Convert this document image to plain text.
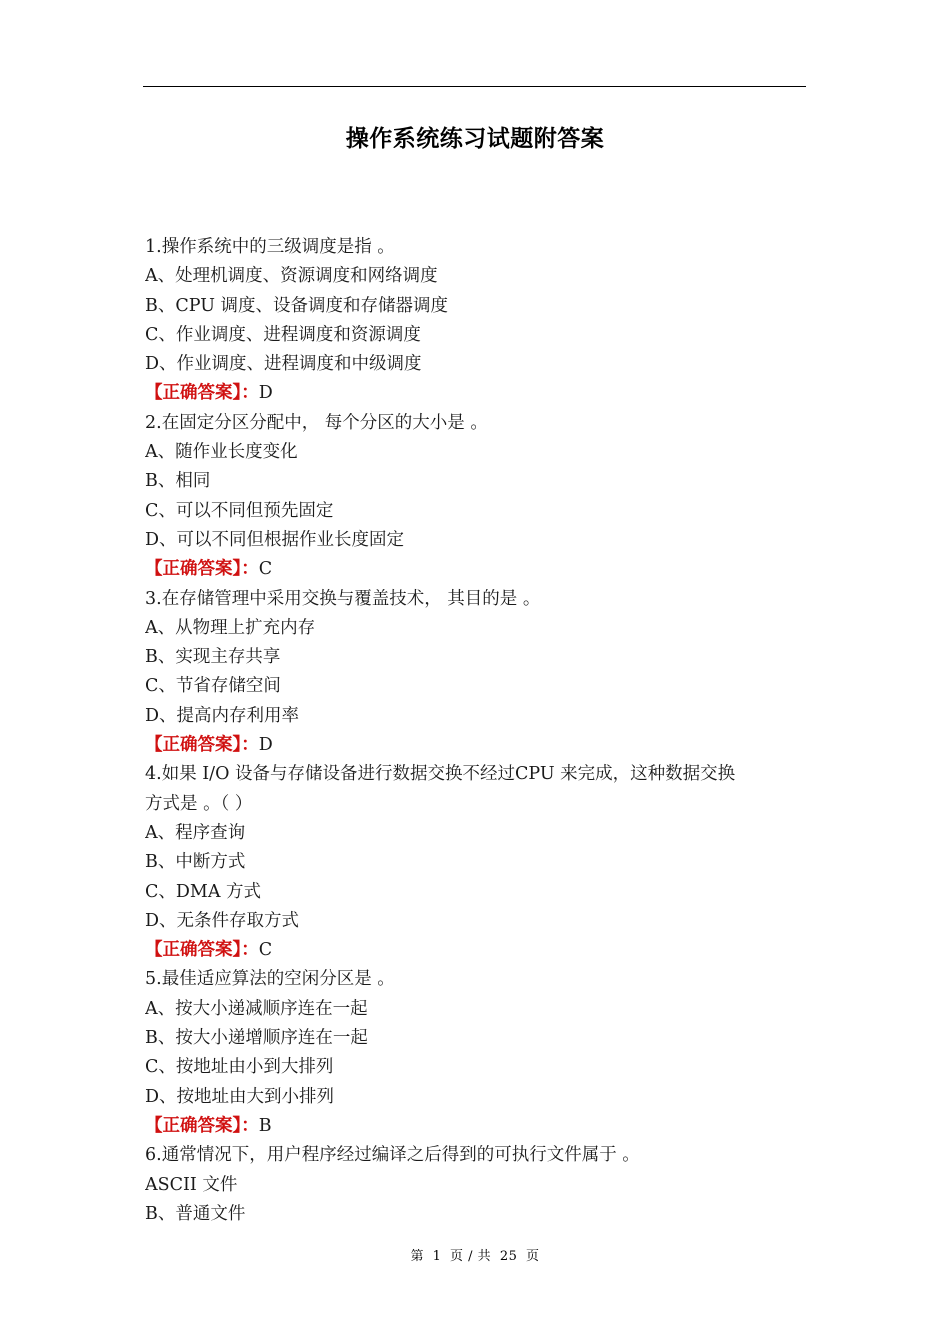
操作系统练习试题附答案
1.操作系统中的三级调度是指 。
A、处理机调度、资源调度和网络调度
B、CPU 调度、设备调度和存储器调度
C、作业调度、进程调度和资源调度
D、作业调度、进程调度和中级调度
【正确答案】：D
2.在固定分区分配中， 每个分区的大小是 。
A、随作业长度变化
B、相同
C、可以不同但预先固定
D、可以不同但根据作业长度固定
【正确答案】：C
3.在存储管理中采用交换与覆盖技术， 其目的是 。
A、从物理上扩充内存
B、实现主存共享
C、节省存储空间
D、提高内存利用率
【正确答案】：D
4.如果 I/O 设备与存储设备进行数据交换不经过CPU 来完成，这种数据交换
方式是 。（ ）
A、程序查询
B、中断方式
C、DMA 方式
D、无条件存取方式
【正确答案】：C
5.最佳适应算法的空闲分区是 。
A、按大小递减顺序连在一起
B、按大小递增顺序连在一起
C、按地址由小到大排列
D、按地址由大到小排列
【正确答案】：B
6.通常情况下，用户程序经过编译之后得到的可执行文件属于 。
ASCII 文件
B、普通文件
第 1 页 / 共 25 页
